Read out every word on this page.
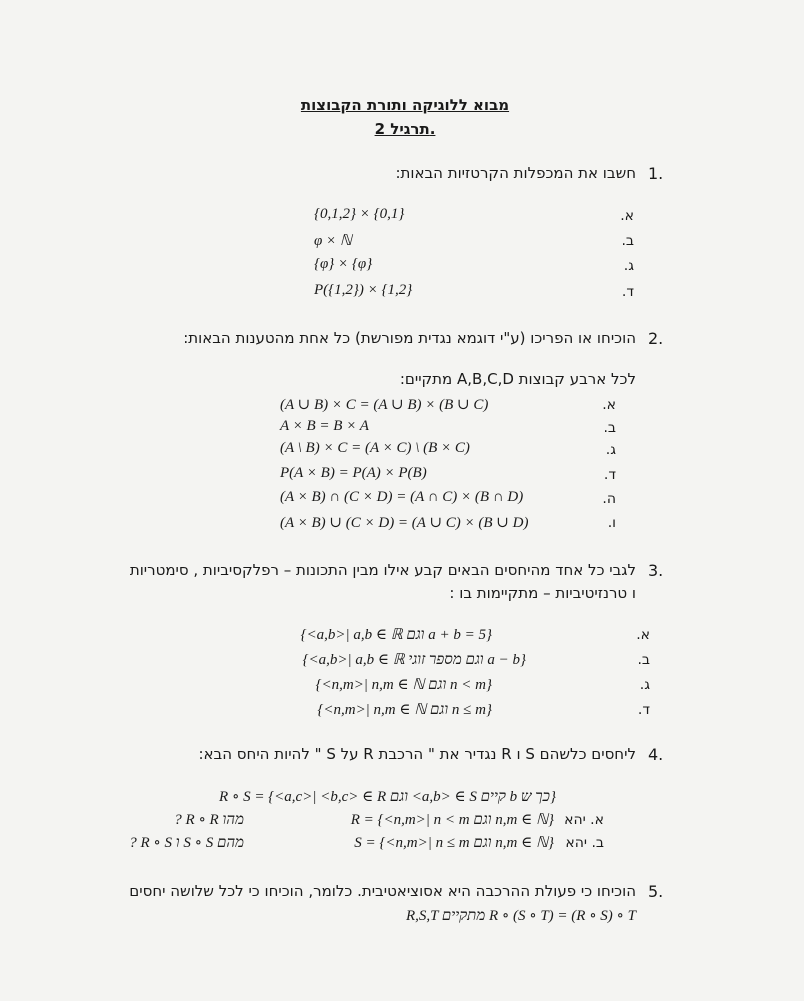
מבוא ללוגיקה ותורת הקבוצות
תרגיל 2.
1.
חשבו את המכפלות הקרטזיות הבאות:
א.
{0,1,2} × {0,1}
ב.
φ × ℕ
ג.
{φ} × {φ}
ד.
P({1,2}) × {1,2}
2.
הוכיחו או הפריכו (ע"י דוגמא נגדית מפורשת) כל אחת מהטענות הבאות:
לכל ארבע קבוצות A,B,C,D מתקיים:
א.
(A ∪ B) × C = (A ∪ B) × (B ∪ C)
ב.
A × B = B × A
ג.
(A \ B) × C = (A × C) \ (B × C)
ד.
P(A × B) = P(A) × P(B)
ה.
(A × B) ∩ (C × D) = (A ∩ C) × (B ∩ D)
ו.
(A × B) ∪ (C × D) = (A ∪ C) × (B ∪ D)
3.
לגבי כל אחד מהיחסים הבאים קבע אילו מבין התכונות – רפלקסיביות , סימטריות
ו טרנזיטיביות – מתקיימות בו :
א.
{<a,b>| a,b ∈ ℝ וגם a + b = 5}
ב.
{<a,b>| a,b ∈ ℝ וגם מספר זוגי a − b}
ג.
{<n,m>| n,m ∈ ℕ וגם n < m}
ד.
{<n,m>| n,m ∈ ℕ וגם n ≤ m}
4.
ליחסים כלשהם S ו R נגדיר את " הרכבת R על S " להיות היחס הבא:
R ∘ S = {<a,c>| <b,c> ∈ R וגם <a,b> ∈ S קיים b כך ש}
א. יהא
R = {<n,m>| n < m וגם n,m ∈ ℕ}
מהו R ∘ R ?
ב. יהא
S = {<n,m>| n ≤ m וגם n,m ∈ ℕ}
מהם S ∘ S ו R ∘ S ?
5.
הוכיחו כי פעולת ההרכבה היא אסוציאטיבית. כלומר, הוכיחו כי לכל שלושה יחסים
R,S,T מתקיים R ∘ (S ∘ T) = (R ∘ S) ∘ T
